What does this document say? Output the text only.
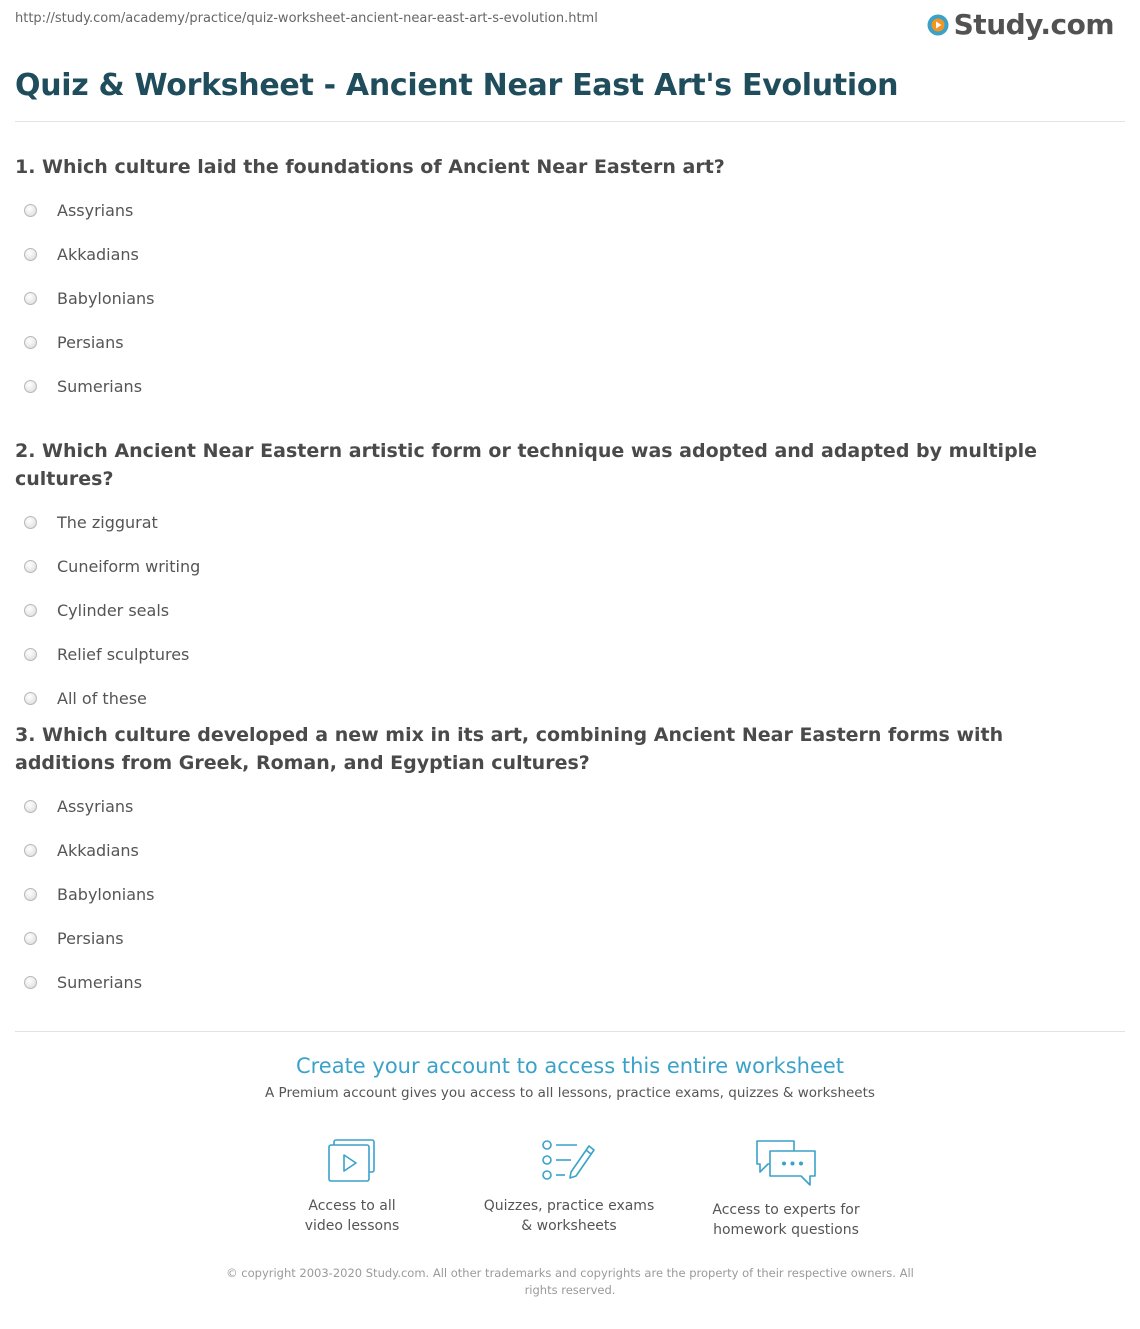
http://study.com/academy/practice/quiz-worksheet-ancient-near-east-art-s-evolution.html	Study.com
Quiz & Worksheet - Ancient Near East Art's Evolution

1. Which culture laid the foundations of Ancient Near Eastern art?

Assyrians
Akkadians
Babylonians
Persians
Sumerians

2. Which Ancient Near Eastern artistic form or technique was adopted and adapted by multiple cultures?

The ziggurat
Cuneiform writing
Cylinder seals
Relief sculptures
All of these

3. Which culture developed a new mix in its art, combining Ancient Near Eastern forms with additions from Greek, Roman, and Egyptian cultures?

Assyrians
Akkadians
Babylonians
Persians
Sumerians
Create your account to access this entire worksheet
A Premium account gives you access to all lessons, practice exams, quizzes & worksheets
Access to all
video lessons
Quizzes, practice exams
& worksheets
Access to experts for
homework questions
© copyright 2003-2020 Study.com. All other trademarks and copyrights are the property of their respective owners. All rights reserved.
